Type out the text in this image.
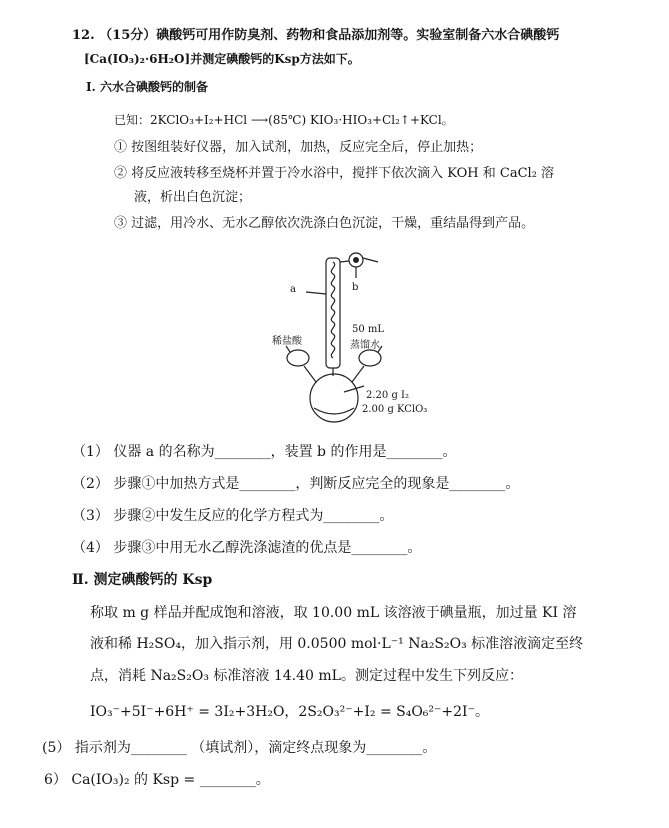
12. （15分）碘酸钙可用作防臭剂、药物和食品添加剂等。实验室制备六水合碘酸钙
[Ca(IO₃)₂·6H₂O]并测定碘酸钙的Ksp方法如下。
Ⅰ. 六水合碘酸钙的制备
已知：2KClO₃+I₂+HCl ⟶(85℃) KIO₃·HIO₃+Cl₂↑+KCl。
① 按图组装好仪器，加入试剂，加热，反应完全后，停止加热；
② 将反应液转移至烧杯并置于冷水浴中，搅拌下依次滴入 KOH 和 CaCl₂ 溶
液，析出白色沉淀；
③ 过滤，用冷水、无水乙醇依次洗涤白色沉淀，干燥，重结晶得到产品。
a	b
稀盐酸
50 mL
蒸馏水
2.20 g I₂
2.00 g KClO₃
（1） 仪器 a 的名称为________，装置 b 的作用是________。
（2） 步骤①中加热方式是________，判断反应完全的现象是________。
（3） 步骤②中发生反应的化学方程式为________。
（4） 步骤③中用无水乙醇洗涤滤渣的优点是________。
Ⅱ. 测定碘酸钙的 Ksp
称取 m g 样品并配成饱和溶液，取 10.00 mL 该溶液于碘量瓶，加过量 KI 溶
液和稀 H₂SO₄，加入指示剂，用 0.0500 mol·L⁻¹ Na₂S₂O₃ 标准溶液滴定至终
点，消耗 Na₂S₂O₃ 标准溶液 14.40 mL。测定过程中发生下列反应：
IO₃⁻+5I⁻+6H⁺ = 3I₂+3H₂O，2S₂O₃²⁻+I₂ = S₄O₆²⁻+2I⁻。
(5） 指示剂为________ （填试剂），滴定终点现象为________。
6） Ca(IO₃)₂ 的 Ksp = ________。
